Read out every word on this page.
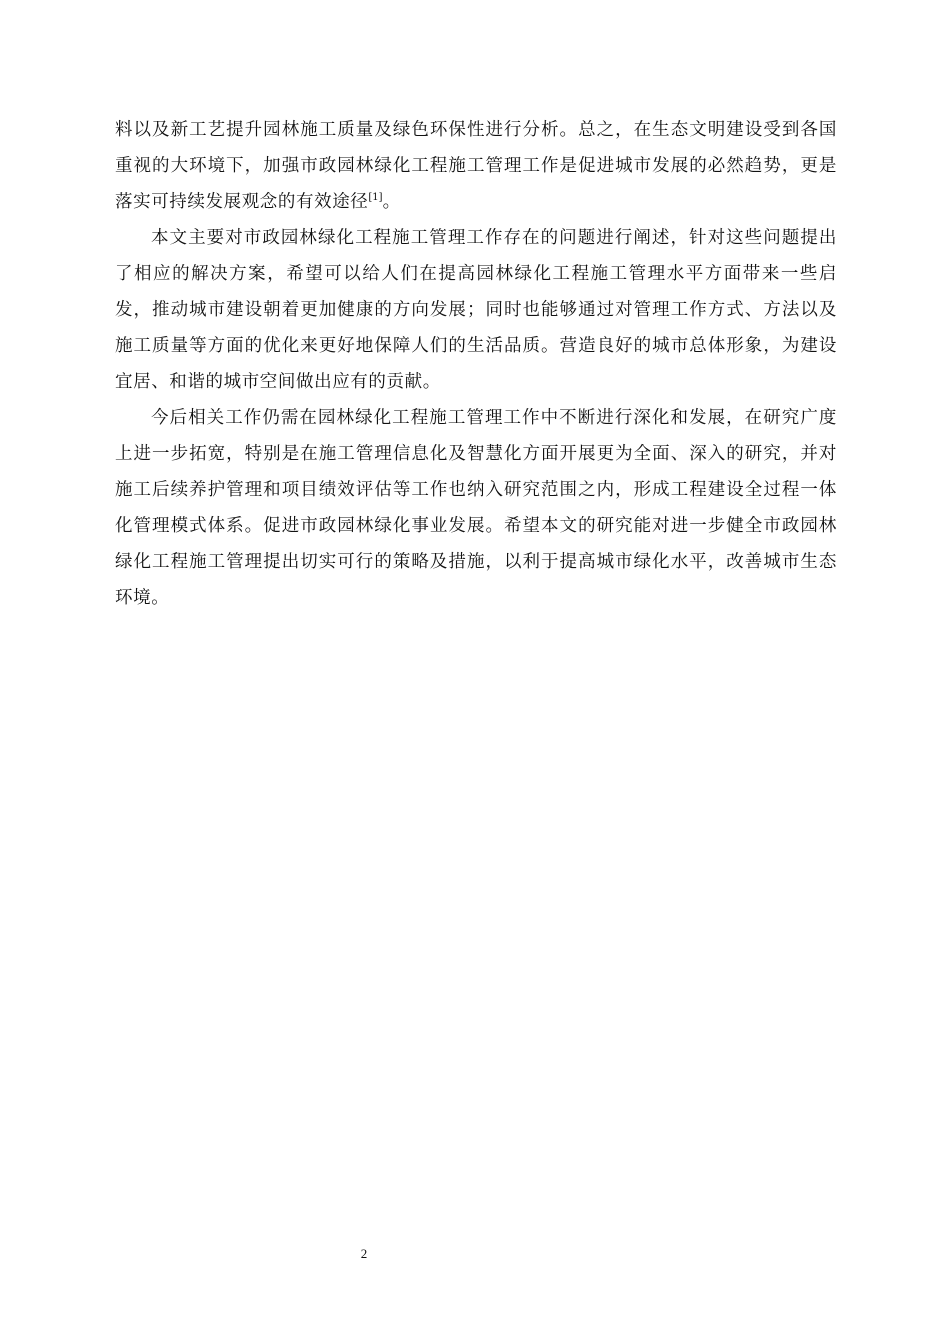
料以及新工艺提升园林施工质量及绿色环保性进行分析。总之，在生态文明建设受到各国重视的大环境下，加强市政园林绿化工程施工管理工作是促进城市发展的必然趋势，更是落实可持续发展观念的有效途径[1]。

本文主要对市政园林绿化工程施工管理工作存在的问题进行阐述，针对这些问题提出了相应的解决方案，希望可以给人们在提高园林绿化工程施工管理水平方面带来一些启发，推动城市建设朝着更加健康的方向发展；同时也能够通过对管理工作方式、方法以及施工质量等方面的优化来更好地保障人们的生活品质。营造良好的城市总体形象，为建设宜居、和谐的城市空间做出应有的贡献。

今后相关工作仍需在园林绿化工程施工管理工作中不断进行深化和发展，在研究广度上进一步拓宽，特别是在施工管理信息化及智慧化方面开展更为全面、深入的研究，并对施工后续养护管理和项目绩效评估等工作也纳入研究范围之内，形成工程建设全过程一体化管理模式体系。促进市政园林绿化事业发展。希望本文的研究能对进一步健全市政园林绿化工程施工管理提出切实可行的策略及措施，以利于提高城市绿化水平，改善城市生态环境。

2
